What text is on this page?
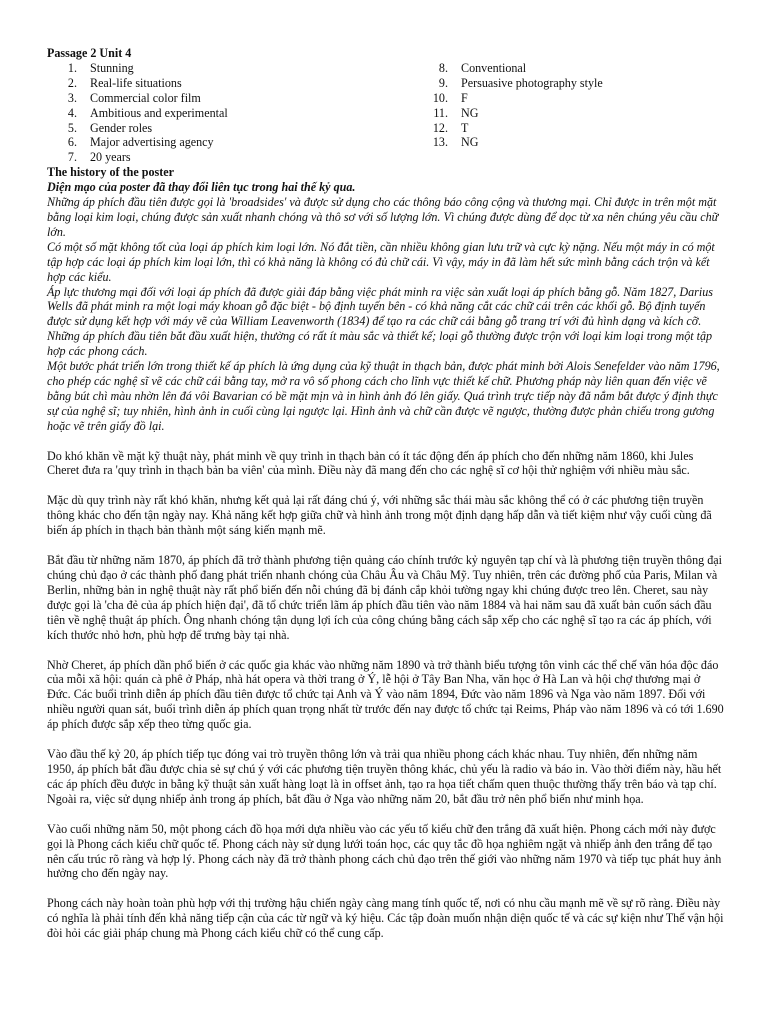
Passage 2 Unit 4

1. Stunning
2. Real-life situations
3. Commercial color film
4. Ambitious and experimental
5. Gender roles
6. Major advertising agency
7. 20 years
8. Conventional
9. Persuasive photography style
10. F
11. NG
12. T
13. NG

The history of the poster

Diện mạo của poster đã thay đổi liên tục trong hai thế kỷ qua.

Những áp phích đầu tiên được gọi là 'broadsides' và được sử dụng cho các thông báo công cộng và thương mại. Chỉ được in trên một mặt bằng loại kim loại, chúng được sản xuất nhanh chóng và thô sơ với số lượng lớn. Vì chúng được dùng để dọc từ xa nên chúng yêu cầu chữ lớn.

Có một số mặt không tốt của loại áp phích kim loại lớn. Nó đắt tiền, cần nhiều không gian lưu trữ và cực kỳ nặng. Nếu một máy in có một tập hợp các loại áp phích kim loại lớn, thì có khả năng là không có đủ chữ cái. Vì vậy, máy in đã làm hết sức mình bằng cách trộn và kết hợp các kiểu.

Áp lực thương mại đối với loại áp phích đã được giải đáp bằng việc phát minh ra việc sản xuất loại áp phích bằng gỗ. Năm 1827, Darius Wells đã phát minh ra một loại máy khoan gỗ đặc biệt - bộ định tuyến bên - có khả năng cắt các chữ cái trên các khối gỗ. Bộ định tuyến được sử dụng kết hợp với máy vẽ của William Leavenworth (1834) để tạo ra các chữ cái bằng gỗ trang trí với đủ hình dạng và kích cỡ. Những áp phích đầu tiên bắt đầu xuất hiện, thường có rất ít màu sắc và thiết kế; loại gỗ thường được trộn với loại kim loại trong một tập hợp các phong cách.

Một bước phát triển lớn trong thiết kế áp phích là ứng dụng của kỹ thuật in thạch bản, được phát minh bởi Alois Senefelder vào năm 1796, cho phép các nghệ sĩ vẽ các chữ cái bằng tay, mở ra vô số phong cách cho lĩnh vực thiết kế chữ. Phương pháp này liên quan đến việc vẽ bằng bút chì màu nhờn lên đá vôi Bavarian có bề mặt mịn và in hình ảnh đó lên giấy. Quá trình trực tiếp này đã nắm bắt được ý định thực sự của nghệ sĩ; tuy nhiên, hình ảnh in cuối cùng lại ngược lại. Hình ảnh và chữ cần được vẽ ngược, thường được phản chiếu trong gương hoặc vẽ trên giấy đồ lại.

Do khó khăn về mặt kỹ thuật này, phát minh về quy trình in thạch bản có ít tác động đến áp phích cho đến những năm 1860, khi Jules Cheret đưa ra 'quy trình in thạch bản ba viên' của mình. Điều này đã mang đến cho các nghệ sĩ cơ hội thử nghiệm với nhiều màu sắc.

Mặc dù quy trình này rất khó khăn, nhưng kết quả lại rất đáng chú ý, với những sắc thái màu sắc không thể có ở các phương tiện truyền thông khác cho đến tận ngày nay. Khả năng kết hợp giữa chữ và hình ảnh trong một định dạng hấp dẫn và tiết kiệm như vậy cuối cùng đã biến áp phích in thạch bản thành một sáng kiến mạnh mẽ.

Bắt đầu từ những năm 1870, áp phích đã trở thành phương tiện quảng cáo chính trước kỷ nguyên tạp chí và là phương tiện truyền thông đại chúng chủ đạo ở các thành phố đang phát triển nhanh chóng của Châu Âu và Châu Mỹ. Tuy nhiên, trên các đường phố của Paris, Milan và Berlin, những bản in nghệ thuật này rất phổ biến đến nỗi chúng đã bị đánh cắp khỏi tường ngay khi chúng được treo lên. Cheret, sau này được gọi là 'cha đẻ của áp phích hiện đại', đã tổ chức triển lãm áp phích đầu tiên vào năm 1884 và hai năm sau đã xuất bản cuốn sách đầu tiên về nghệ thuật áp phích. Ông nhanh chóng tận dụng lợi ích của công chúng bằng cách sắp xếp cho các nghệ sĩ tạo ra các áp phích, với kích thước nhỏ hơn, phù hợp để trưng bày tại nhà.

Nhờ Cheret, áp phích dần phổ biến ở các quốc gia khác vào những năm 1890 và trở thành biểu tượng tôn vinh các thể chế văn hóa độc đáo của mỗi xã hội: quán cà phê ở Pháp, nhà hát opera và thời trang ở Ý, lễ hội ở Tây Ban Nha, văn học ở Hà Lan và hội chợ thương mại ở Đức. Các buổi trình diễn áp phích đầu tiên được tổ chức tại Anh và Ý vào năm 1894, Đức vào năm 1896 và Nga vào năm 1897. Đối với nhiều người quan sát, buổi trình diễn áp phích quan trọng nhất từ trước đến nay được tổ chức tại Reims, Pháp vào năm 1896 và có tới 1.690 áp phích được sắp xếp theo từng quốc gia.

Vào đầu thế kỷ 20, áp phích tiếp tục đóng vai trò truyền thông lớn và trải qua nhiều phong cách khác nhau. Tuy nhiên, đến những năm 1950, áp phích bắt đầu được chia sẻ sự chú ý với các phương tiện truyền thông khác, chủ yếu là radio và báo in. Vào thời điểm này, hầu hết các áp phích đều được in bằng kỹ thuật sản xuất hàng loạt là in offset ảnh, tạo ra họa tiết chấm quen thuộc thường thấy trên báo và tạp chí. Ngoài ra, việc sử dụng nhiếp ảnh trong áp phích, bắt đầu ở Nga vào những năm 20, bắt đầu trở nên phổ biến như minh họa.

Vào cuối những năm 50, một phong cách đồ họa mới dựa nhiều vào các yếu tố kiểu chữ đen trắng đã xuất hiện. Phong cách mới này được gọi là Phong cách kiểu chữ quốc tế. Phong cách này sử dụng lưới toán học, các quy tắc đồ họa nghiêm ngặt và nhiếp ảnh đen trắng để tạo nên cấu trúc rõ ràng và hợp lý. Phong cách này đã trở thành phong cách chủ đạo trên thế giới vào những năm 1970 và tiếp tục phát huy ảnh hưởng cho đến ngày nay.

Phong cách này hoàn toàn phù hợp với thị trường hậu chiến ngày càng mang tính quốc tế, nơi có nhu cầu mạnh mẽ về sự rõ ràng. Điều này có nghĩa là phải tính đến khả năng tiếp cận của các từ ngữ và ký hiệu. Các tập đoàn muốn nhận diện quốc tế và các sự kiện như Thế vận hội đòi hỏi các giải pháp chung mà Phong cách kiểu chữ có thể cung cấp.
